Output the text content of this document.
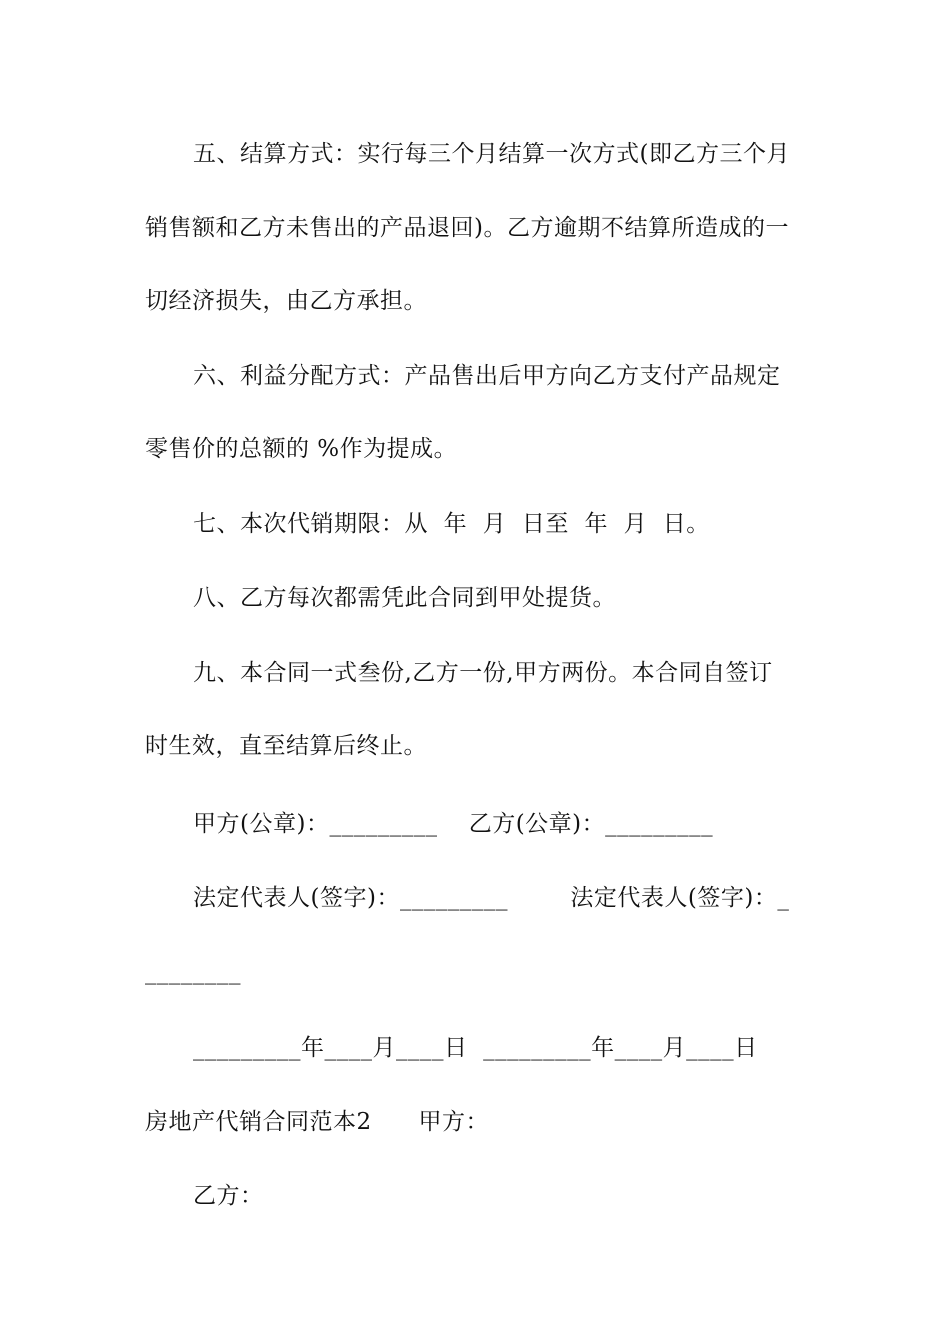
五、结算方式：实行每三个月结算一次方式(即乙方三个月
销售额和乙方未售出的产品退回)。乙方逾期不结算所造成的一
切经济损失，由乙方承担。
六、利益分配方式：产品售出后甲方向乙方支付产品规定
零售价的总额的 %作为提成。
七、本次代销期限：从  年  月  日至  年  月  日。
八、乙方每次都需凭此合同到甲处提货。
九、本合同一式叁份,乙方一份,甲方两份。本合同自签订
时生效，直至结算后终止。
甲方(公章)：_________    乙方(公章)：_________
法定代表人(签字)：_________        法定代表人(签字)：_
________
_________年____月____日  _________年____月____日
房地产代销合同范本2      甲方：
乙方：
